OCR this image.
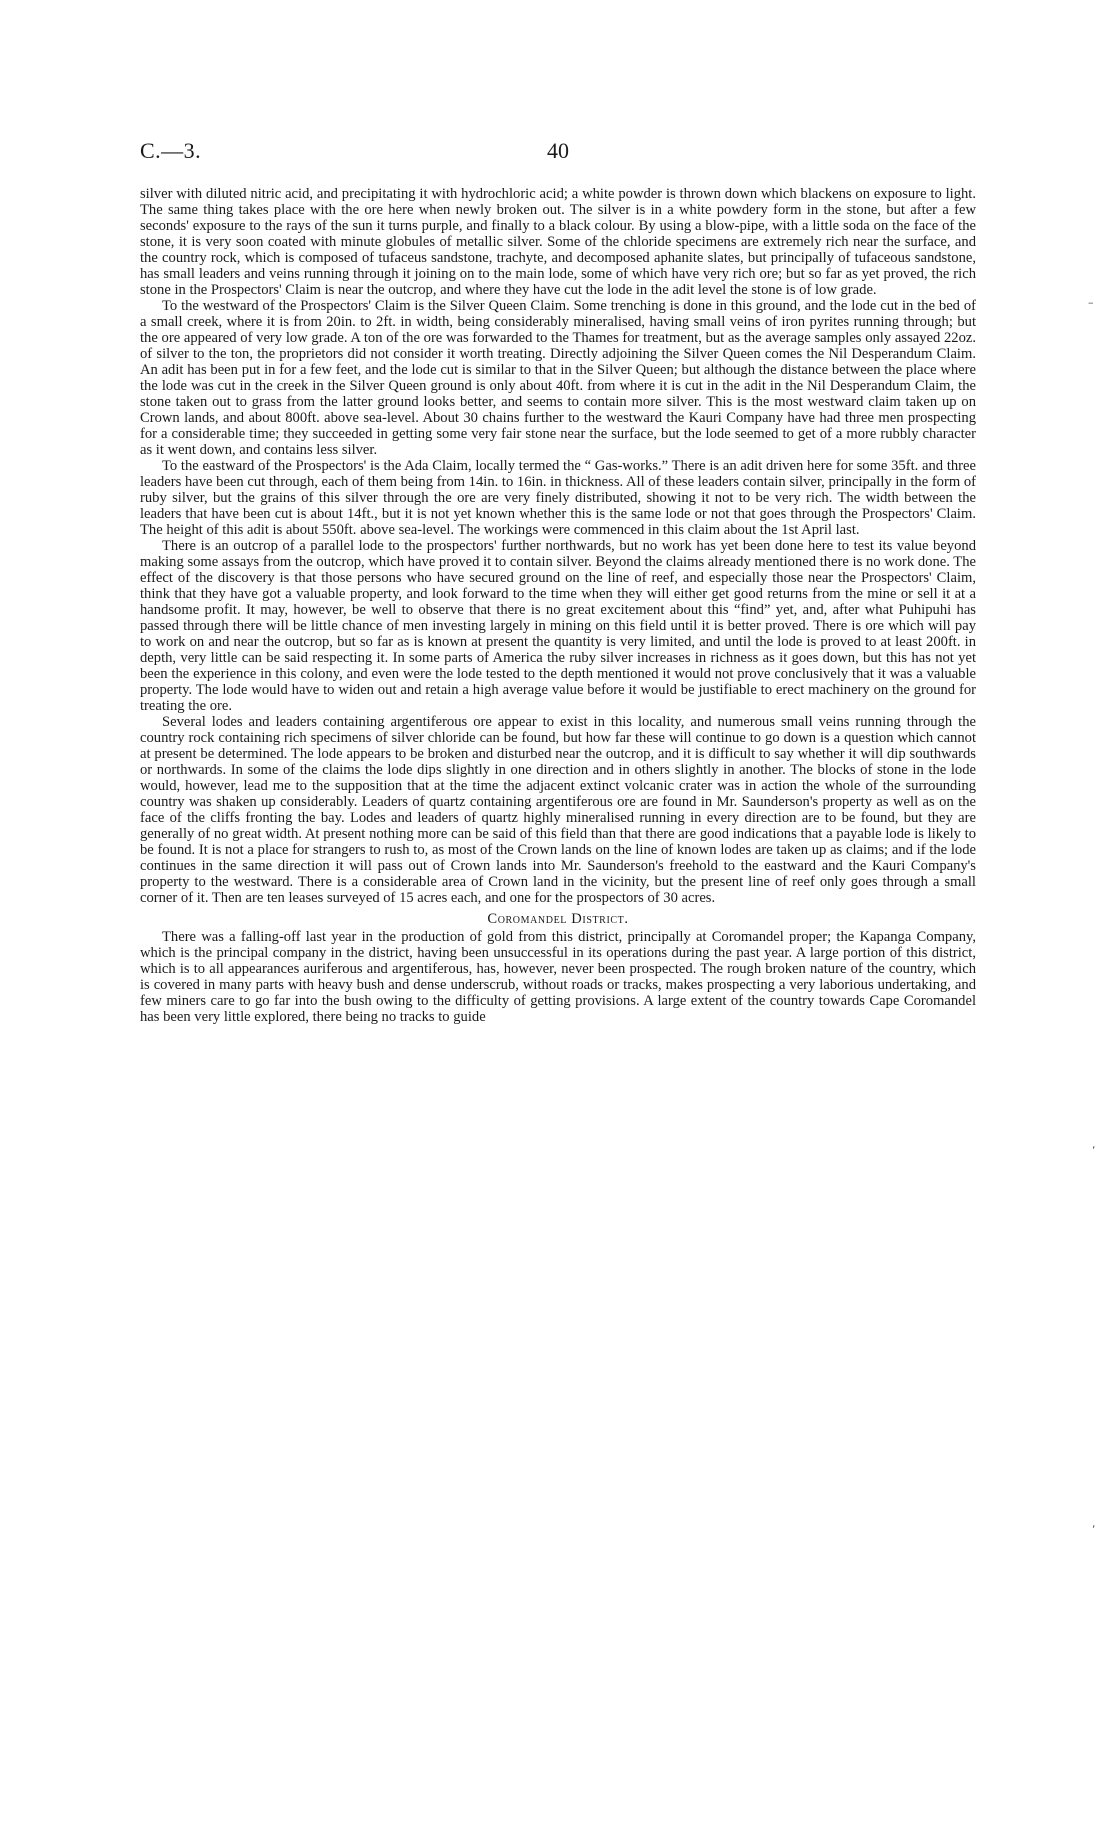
C.—3.	40

silver with diluted nitric acid, and precipitating it with hydrochloric acid; a white powder is thrown down which blackens on exposure to light. The same thing takes place with the ore here when newly broken out. The silver is in a white powdery form in the stone, but after a few seconds' exposure to the rays of the sun it turns purple, and finally to a black colour. By using a blow-pipe, with a little soda on the face of the stone, it is very soon coated with minute globules of metallic silver. Some of the chloride specimens are extremely rich near the surface, and the country rock, which is composed of tufaceus sandstone, trachyte, and decomposed aphanite slates, but principally of tufaceous sandstone, has small leaders and veins running through it joining on to the main lode, some of which have very rich ore; but so far as yet proved, the rich stone in the Prospectors' Claim is near the outcrop, and where they have cut the lode in the adit level the stone is of low grade.

To the westward of the Prospectors' Claim is the Silver Queen Claim. Some trenching is done in this ground, and the lode cut in the bed of a small creek, where it is from 20in. to 2ft. in width, being considerably mineralised, having small veins of iron pyrites running through; but the ore appeared of very low grade. A ton of the ore was forwarded to the Thames for treatment, but as the average samples only assayed 22oz. of silver to the ton, the proprietors did not consider it worth treating. Directly adjoining the Silver Queen comes the Nil Desperandum Claim. An adit has been put in for a few feet, and the lode cut is similar to that in the Silver Queen; but although the distance between the place where the lode was cut in the creek in the Silver Queen ground is only about 40ft. from where it is cut in the adit in the Nil Desperandum Claim, the stone taken out to grass from the latter ground looks better, and seems to contain more silver. This is the most westward claim taken up on Crown lands, and about 800ft. above sea-level. About 30 chains further to the westward the Kauri Company have had three men prospecting for a considerable time; they succeeded in getting some very fair stone near the surface, but the lode seemed to get of a more rubbly character as it went down, and contains less silver.

To the eastward of the Prospectors' is the Ada Claim, locally termed the “ Gas-works.” There is an adit driven here for some 35ft. and three leaders have been cut through, each of them being from 14in. to 16in. in thickness. All of these leaders contain silver, principally in the form of ruby silver, but the grains of this silver through the ore are very finely distributed, showing it not to be very rich. The width between the leaders that have been cut is about 14ft., but it is not yet known whether this is the same lode or not that goes through the Prospectors' Claim. The height of this adit is about 550ft. above sea-level. The workings were commenced in this claim about the 1st April last.

There is an outcrop of a parallel lode to the prospectors' further northwards, but no work has yet been done here to test its value beyond making some assays from the outcrop, which have proved it to contain silver. Beyond the claims already mentioned there is no work done. The effect of the discovery is that those persons who have secured ground on the line of reef, and especially those near the Prospectors' Claim, think that they have got a valuable property, and look forward to the time when they will either get good returns from the mine or sell it at a handsome profit. It may, however, be well to observe that there is no great excitement about this “find” yet, and, after what Puhipuhi has passed through there will be little chance of men investing largely in mining on this field until it is better proved. There is ore which will pay to work on and near the outcrop, but so far as is known at present the quantity is very limited, and until the lode is proved to at least 200ft. in depth, very little can be said respecting it. In some parts of America the ruby silver increases in richness as it goes down, but this has not yet been the experience in this colony, and even were the lode tested to the depth mentioned it would not prove conclusively that it was a valuable property. The lode would have to widen out and retain a high average value before it would be justifiable to erect machinery on the ground for treating the ore.

Several lodes and leaders containing argentiferous ore appear to exist in this locality, and numerous small veins running through the country rock containing rich specimens of silver chloride can be found, but how far these will continue to go down is a question which cannot at present be determined. The lode appears to be broken and disturbed near the outcrop, and it is difficult to say whether it will dip southwards or northwards. In some of the claims the lode dips slightly in one direction and in others slightly in another. The blocks of stone in the lode would, however, lead me to the supposition that at the time the adjacent extinct volcanic crater was in action the whole of the surrounding country was shaken up considerably. Leaders of quartz containing argentiferous ore are found in Mr. Saunderson's property as well as on the face of the cliffs fronting the bay. Lodes and leaders of quartz highly mineralised running in every direction are to be found, but they are generally of no great width. At present nothing more can be said of this field than that there are good indications that a payable lode is likely to be found. It is not a place for strangers to rush to, as most of the Crown lands on the line of known lodes are taken up as claims; and if the lode continues in the same direction it will pass out of Crown lands into Mr. Saunderson's freehold to the eastward and the Kauri Company's property to the westward. There is a considerable area of Crown land in the vicinity, but the present line of reef only goes through a small corner of it. Then are ten leases surveyed of 15 acres each, and one for the prospectors of 30 acres.

Coromandel District.

There was a falling-off last year in the production of gold from this district, principally at Coromandel proper; the Kapanga Company, which is the principal company in the district, having been unsuccessful in its operations during the past year. A large portion of this district, which is to all appearances auriferous and argentiferous, has, however, never been prospected. The rough broken nature of the country, which is covered in many parts with heavy bush and dense underscrub, without roads or tracks, makes prospecting a very laborious undertaking, and few miners care to go far into the bush owing to the difficulty of getting provisions. A large extent of the country towards Cape Coromandel has been very little explored, there being no tracks to guide

–
‘
‘
